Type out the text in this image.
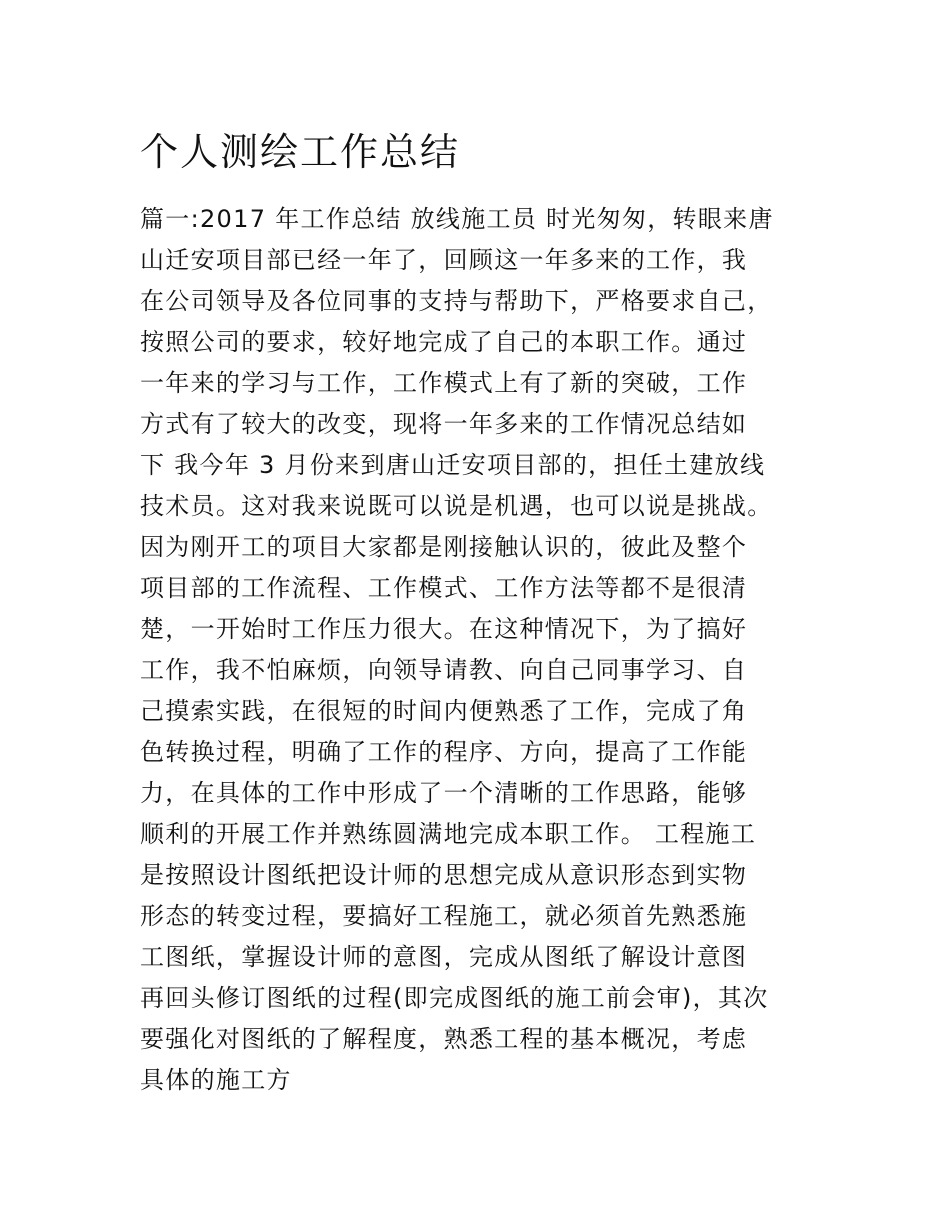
个人测绘工作总结
篇一:2017 年工作总结 放线施工员 时光匆匆，转眼来唐
山迁安项目部已经一年了，回顾这一年多来的工作，我
在公司领导及各位同事的支持与帮助下，严格要求自己，
按照公司的要求，较好地完成了自己的本职工作。通过
一年来的学习与工作，工作模式上有了新的突破，工作
方式有了较大的改变，现将一年多来的工作情况总结如
下 我今年 3 月份来到唐山迁安项目部的，担任土建放线
技术员。这对我来说既可以说是机遇，也可以说是挑战。
因为刚开工的项目大家都是刚接触认识的，彼此及整个
项目部的工作流程、工作模式、工作方法等都不是很清
楚，一开始时工作压力很大。在这种情况下，为了搞好
工作，我不怕麻烦，向领导请教、向自己同事学习、自
己摸索实践，在很短的时间内便熟悉了工作，完成了角
色转换过程，明确了工作的程序、方向，提高了工作能
力，在具体的工作中形成了一个清晰的工作思路，能够
顺利的开展工作并熟练圆满地完成本职工作。 工程施工
是按照设计图纸把设计师的思想完成从意识形态到实物
形态的转变过程，要搞好工程施工，就必须首先熟悉施
工图纸，掌握设计师的意图，完成从图纸了解设计意图
再回头修订图纸的过程(即完成图纸的施工前会审)，其次
要强化对图纸的了解程度，熟悉工程的基本概况，考虑
具体的施工方
